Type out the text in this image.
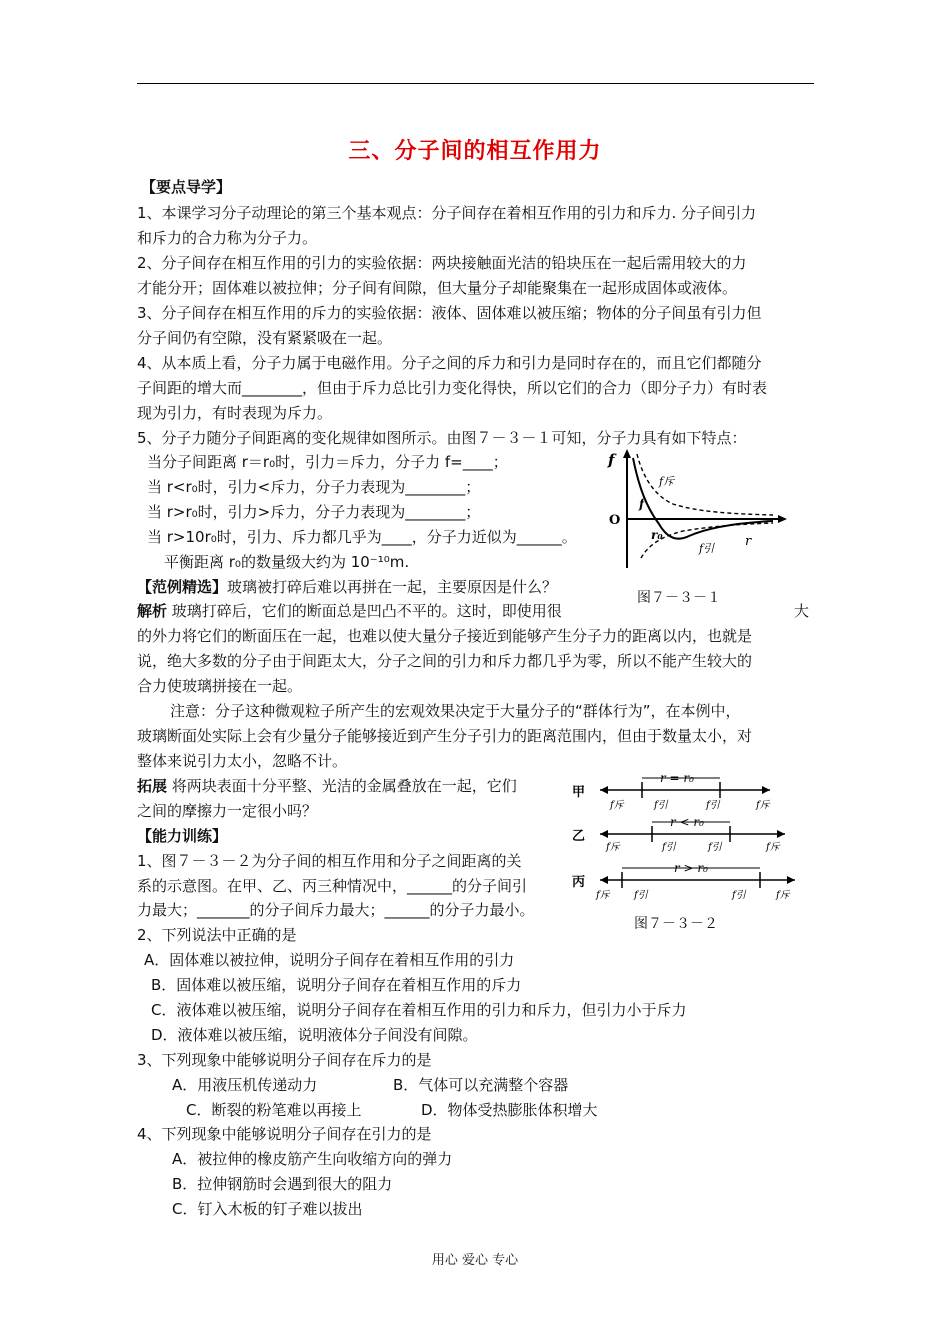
三、分子间的相互作用力
【要点导学】
1、本课学习分子动理论的第三个基本观点：分子间存在着相互作用的引力和斥力. 分子间引力
和斥力的合力称为分子力。
2、分子间存在相互作用的引力的实验依据：两块接触面光洁的铅块压在一起后需用较大的力
才能分开；固体难以被拉伸；分子间有间隙，但大量分子却能聚集在一起形成固体或液体。
3、分子间存在相互作用的斥力的实验依据：液体、固体难以被压缩；物体的分子间虽有引力但
分子间仍有空隙，没有紧紧吸在一起。
4、从本质上看，分子力属于电磁作用。分子之间的斥力和引力是同时存在的，而且它们都随分
子间距的增大而________，但由于斥力总比引力变化得快，所以它们的合力（即分子力）有时表
现为引力，有时表现为斥力。
5、分子力随分子间距离的变化规律如图所示。由图７－３－１可知，分子力具有如下特点：
当分子间距离 r＝r₀时，引力＝斥力，分子力 f=____；
当 r<r₀时，引力<斥力，分子力表现为________；
当 r>r₀时，引力>斥力，分子力表现为________；
当 r>10r₀时，引力、斥力都几乎为____，分子力近似为______。
平衡距离 r₀的数量级大约为 10⁻¹⁰m.
f
O
r
r₀
f斥
f引
f
图７－３－１
【范例精选】玻璃被打碎后难以再拼在一起，主要原因是什么？
解析 玻璃打碎后，它们的断面总是凹凸不平的。这时，即使用很	大
的外力将它们的断面压在一起，也难以使大量分子接近到能够产生分子力的距离以内，也就是
说，绝大多数的分子由于间距太大，分子之间的引力和斥力都几乎为零，所以不能产生较大的
合力使玻璃拼接在一起。
注意：分子这种微观粒子所产生的宏观效果决定于大量分子的“群体行为”，在本例中，
玻璃断面处实际上会有少量分子能够接近到产生分子引力的距离范围内，但由于数量太小，对
整体来说引力太小，忽略不计。
拓展 将两块表面十分平整、光洁的金属叠放在一起，它们
之间的摩擦力一定很小吗？
【能力训练】
1、图７－３－２为分子间的相互作用和分子之间距离的关
系的示意图。在甲、乙、丙三种情况中，______的分子间引
力最大；_______的分子间斥力最大；______的分子力最小。
2、下列说法中正确的是
A．固体难以被拉伸，说明分子间存在着相互作用的引力
B．固体难以被压缩，说明分子间存在着相互作用的斥力
C．液体难以被压缩，说明分子间存在着相互作用的引力和斥力，但引力小于斥力
D．液体难以被压缩，说明液体分子间没有间隙。
3、下列现象中能够说明分子间存在斥力的是
A．用液压机传递动力	B．气体可以充满整个容器
C．断裂的粉笔难以再接上	D．物体受热膨胀体积增大
4、下列现象中能够说明分子间存在引力的是
A．被拉伸的橡皮筋产生向收缩方向的弹力
B．拉伸钢筋时会遇到很大的阻力
C．钉入木板的钉子难以拔出
甲
r = r₀
f斥	f引	f引	f斥
乙
r < r₀
f斥	f引	f引	f斥
丙
r > r₀
f斥 f引	f引	f斥
图７－３－２
用心 爱心 专心
